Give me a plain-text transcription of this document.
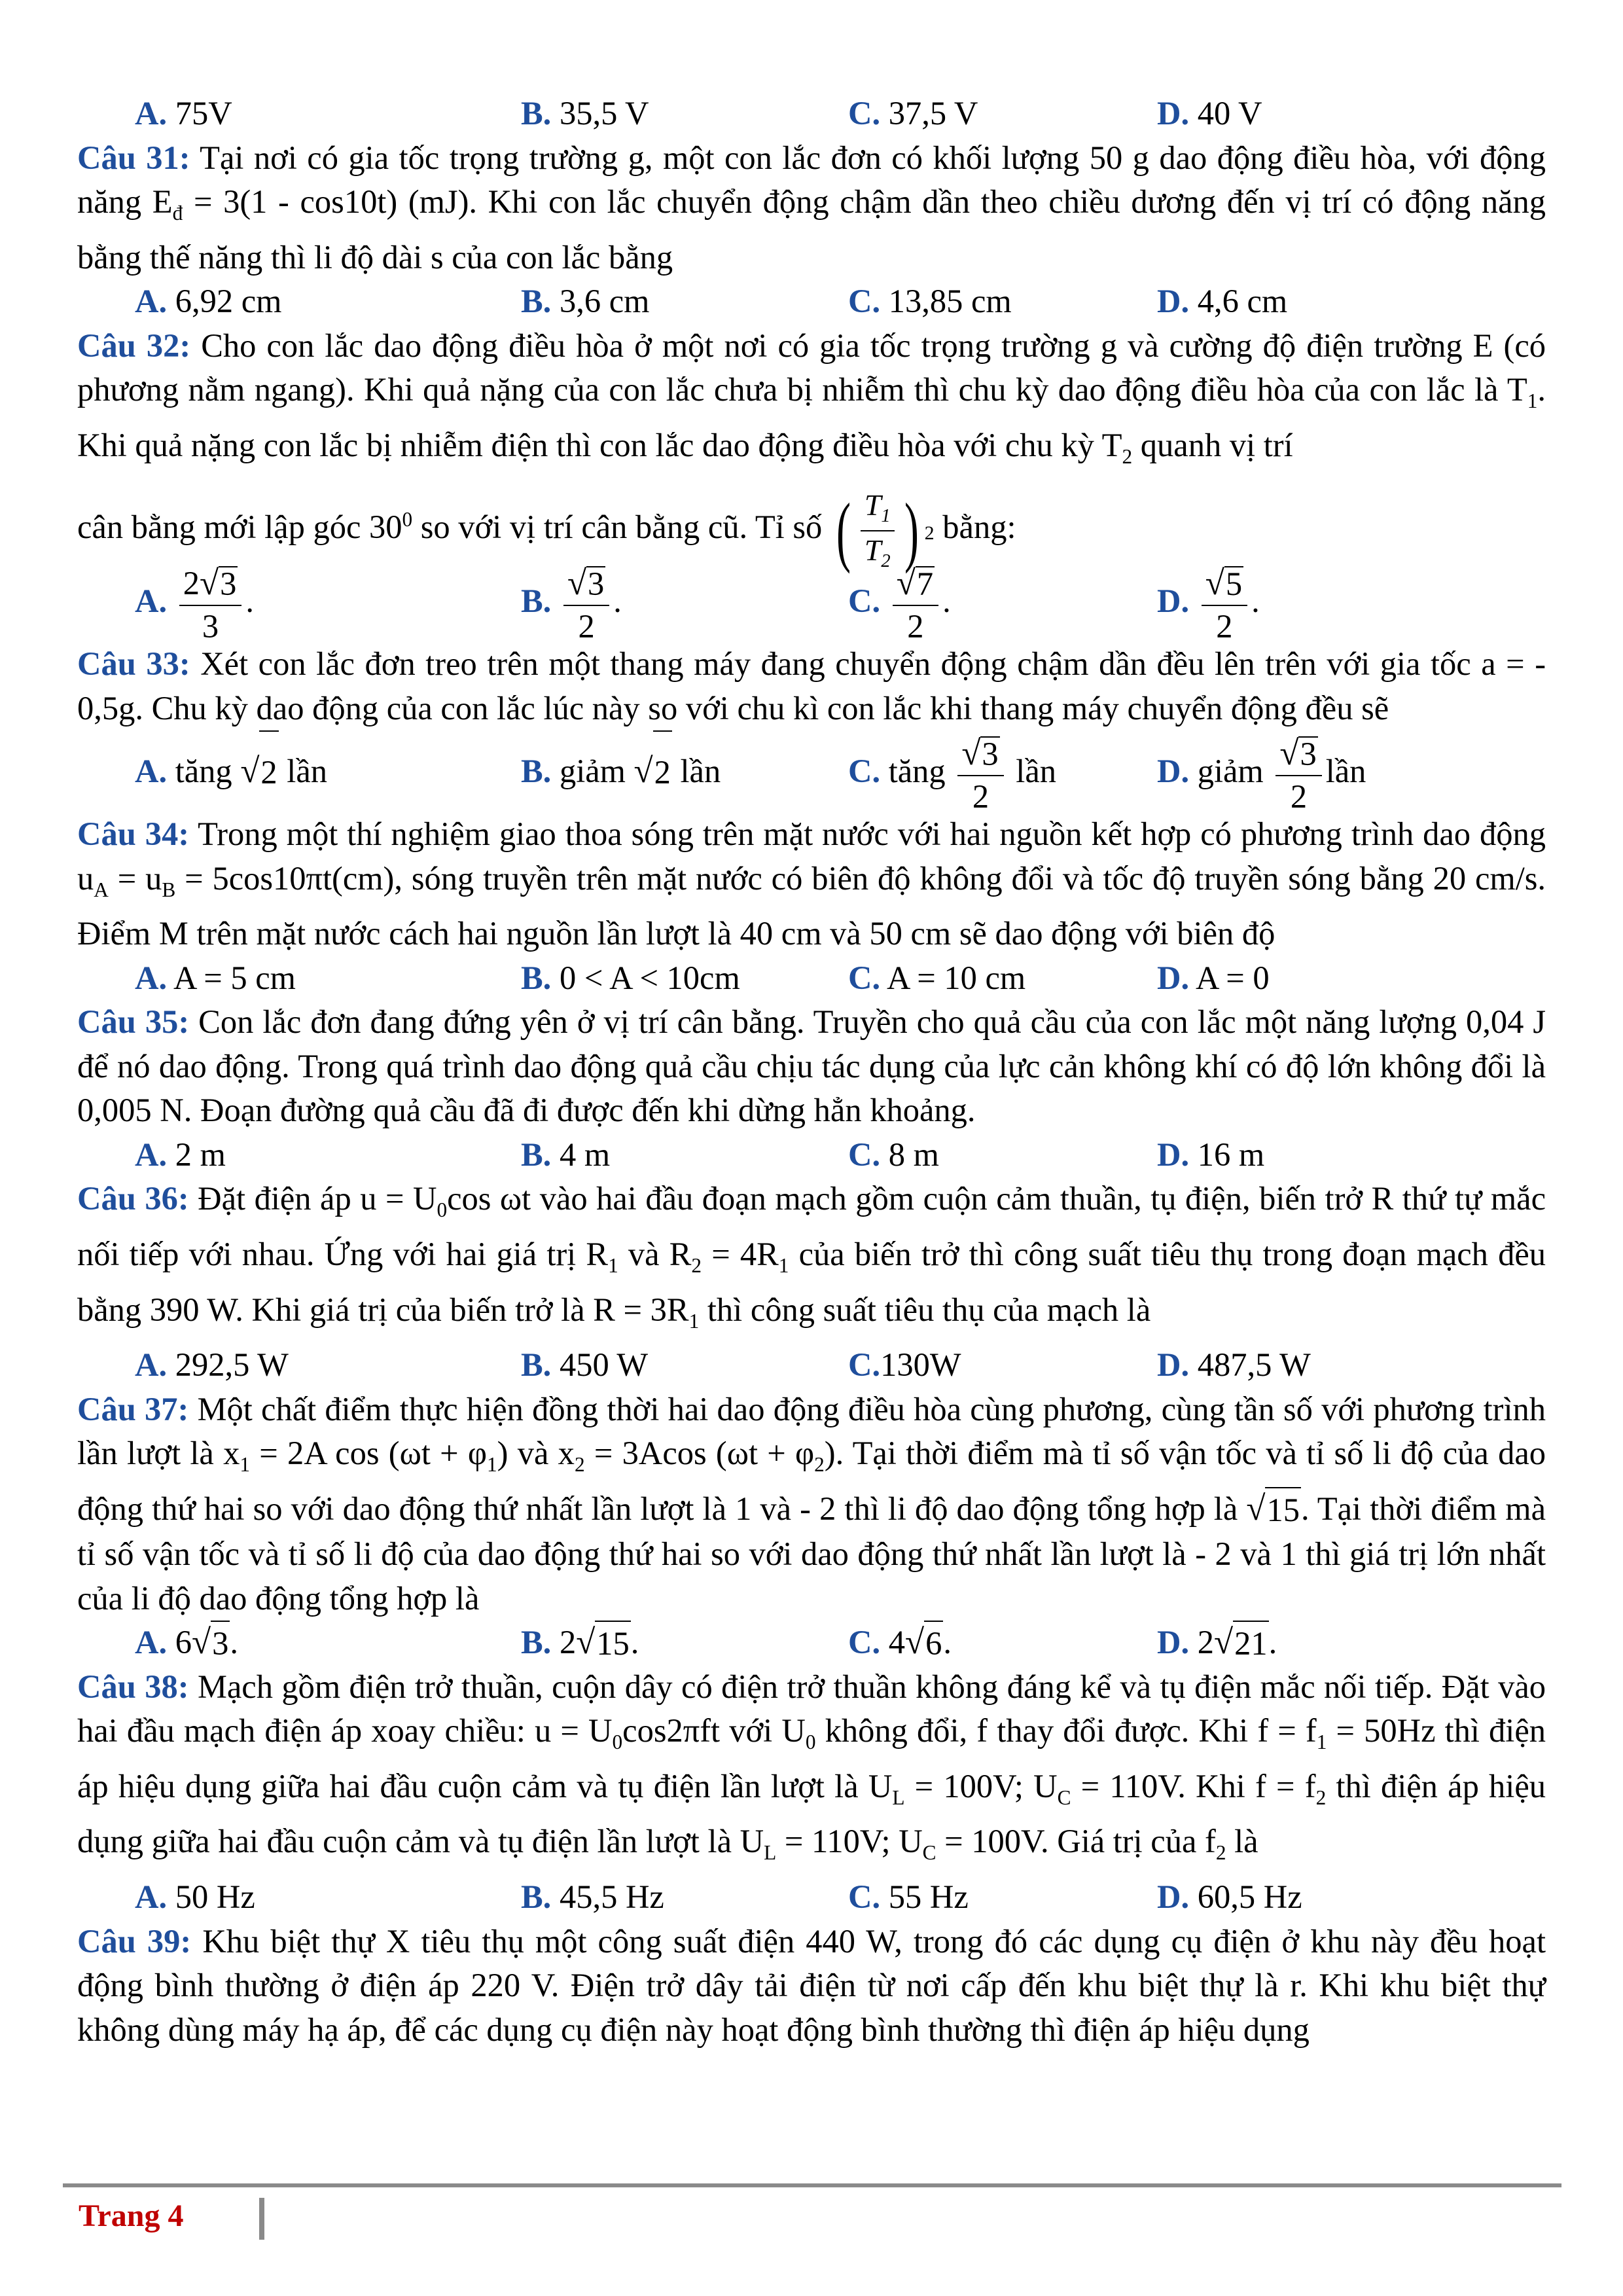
A. 75V	B. 35,5 V	C. 37,5 V	D. 40 V

Câu 31: Tại nơi có gia tốc trọng trường g, một con lắc đơn có khối lượng 50 g dao động điều hòa, với động năng $E_đ = 3(1 - \cos 10t)$ (mJ). Khi con lắc chuyển động chậm dần theo chiều dương đến vị trí có động năng bằng thế năng thì li độ dài s của con lắc bằng

A. 6,92 cm	B. 3,6 cm	C. 13,85 cm	D. 4,6 cm

Câu 32: Cho con lắc dao động điều hòa ở một nơi có gia tốc trọng trường g và cường độ điện trường E (có phương nằm ngang). Khi quả nặng của con lắc chưa bị nhiễm thì chu kỳ dao động điều hòa của con lắc là $T_1$. Khi quả nặng con lắc bị nhiễm điện thì con lắc dao động điều hòa với chu kỳ $T_2$ quanh vị trí

cân bằng mới lập góc $30^0$ so với vị trí cân bằng cũ. Tỉ số ( $\frac{T_1}{T_2}$ ) 2 bằng:

A. $\frac{2 √ 3}{3}$ .	B. $\frac{√ 3}{2}$ .	C. $\frac{√ 7}{2}$ .	D. $\frac{√ 5}{2}$ .

Câu 33: Xét con lắc đơn treo trên một thang máy đang chuyển động chậm dần đều lên trên với gia tốc a = - 0,5g. Chu kỳ dao động của con lắc lúc này so với chu kì con lắc khi thang máy chuyển động đều sẽ

A. tăng √ 2 lần	B. giảm √ 2 lần	C. tăng $\frac{√ 3}{2}$ lần	D. giảm $\frac{√ 3}{2}$ lần

Câu 34: Trong một thí nghiệm giao thoa sóng trên mặt nước với hai nguồn kết hợp có phương trình dao động $u_A = u_B = 5\cos 10\pi t(cm)$, sóng truyền trên mặt nước có biên độ không đổi và tốc độ truyền sóng bằng 20 cm/s. Điểm M trên mặt nước cách hai nguồn lần lượt là 40 cm và 50 cm sẽ dao động với biên độ

A. A = 5 cm	B. 0 < A < 10cm	C. A = 10 cm	D. A = 0

Câu 35: Con lắc đơn đang đứng yên ở vị trí cân bằng. Truyền cho quả cầu của con lắc một năng lượng 0,04 J để nó dao động. Trong quá trình dao động quả cầu chịu tác dụng của lực cản không khí có độ lớn không đổi là 0,005 N. Đoạn đường quả cầu đã đi được đến khi dừng hẳn khoảng.

A. 2 m	B. 4 m	C. 8 m	D. 16 m

Câu 36: Đặt điện áp $u = U_0\cos$ ωt vào hai đầu đoạn mạch gồm cuộn cảm thuần, tụ điện, biến trở R thứ tự mắc nối tiếp với nhau. Ứng với hai giá trị $R_1$ và $R_2 = 4R_1$ của biến trở thì công suất tiêu thụ trong đoạn mạch đều bằng 390 W. Khi giá trị của biến trở là $R = 3R_1$ thì công suất tiêu thụ của mạch là

A. 292,5 W	B. 450 W	C.130W	D. 487,5 W

Câu 37: Một chất điểm thực hiện đồng thời hai dao động điều hòa cùng phương, cùng tần số với phương trình lần lượt là $x_1 = 2A$ $\cos (\omega t + \varphi_1)$ và $x_2 = 3Acos$ $(\omega t + \varphi_2)$. Tại thời điểm mà tỉ số vận tốc và tỉ số li độ của dao động thứ hai so với dao động thứ nhất lần lượt là 1 và - 2 thì li độ dao động tổng hợp là √ 15 . Tại thời điểm mà tỉ số vận tốc và tỉ số li độ của dao động thứ hai so với dao động thứ nhất lần lượt là - 2 và 1 thì giá trị lớn nhất của li độ dao động tổng hợp là

A. 6 √ 3 .	B. 2 √ 15 .	C. 4 √ 6 .	D. 2 √ 21 .

Câu 38: Mạch gồm điện trở thuần, cuộn dây có điện trở thuần không đáng kể và tụ điện mắc nối tiếp. Đặt vào hai đầu mạch điện áp xoay chiều: $u = U_0\cos 2\pi ft$ với $U_0$ không đổi, f thay đổi được. Khi $f = f_1 = 50Hz$ thì điện áp hiệu dụng giữa hai đầu cuộn cảm và tụ điện lần lượt là $U_L = 100V$; $U_C = 110V$. Khi $f = f_2$ thì điện áp hiệu dụng giữa hai đầu cuộn cảm và tụ điện lần lượt là $U_L = 110V$; $U_C = 100V$. Giá trị của $f_2$ là

A. 50 Hz	B. 45,5 Hz	C. 55 Hz	D. 60,5 Hz

Câu 39: Khu biệt thự X tiêu thụ một công suất điện 440 W, trong đó các dụng cụ điện ở khu này đều hoạt động bình thường ở điện áp 220 V. Điện trở dây tải điện từ nơi cấp đến khu biệt thự là r. Khi khu biệt thự không dùng máy hạ áp, để các dụng cụ điện này hoạt động bình thường thì điện áp hiệu dụng

Trang 4
